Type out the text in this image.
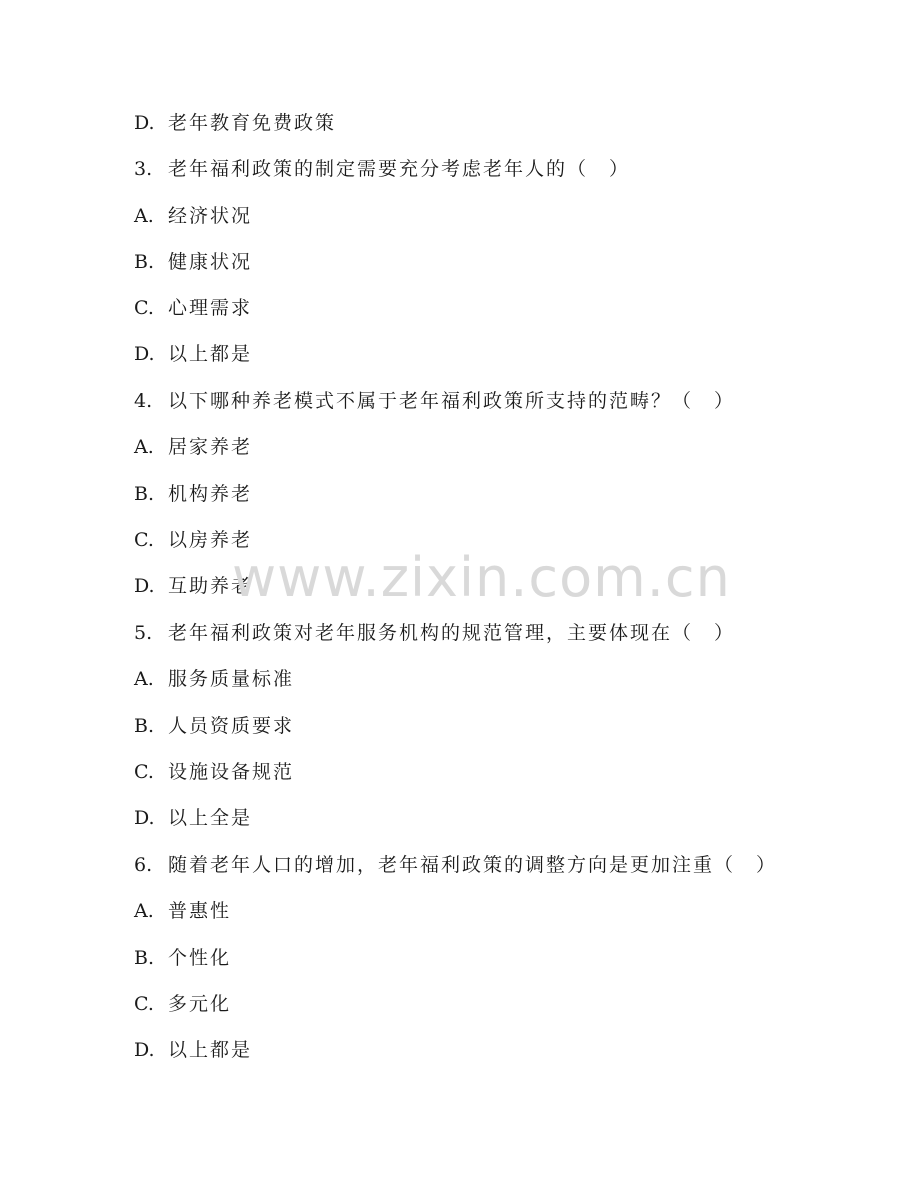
D. 老年教育免费政策
3. 老年福利政策的制定需要充分考虑老年人的（　）
A. 经济状况
B. 健康状况
C. 心理需求
D. 以上都是
4. 以下哪种养老模式不属于老年福利政策所支持的范畴？（　）
A. 居家养老
B. 机构养老
C. 以房养老
D. 互助养老
5. 老年福利政策对老年服务机构的规范管理，主要体现在（　）
A. 服务质量标准
B. 人员资质要求
C. 设施设备规范
D. 以上全是
6. 随着老年人口的增加，老年福利政策的调整方向是更加注重（　）
A. 普惠性
B. 个性化
C. 多元化
D. 以上都是
www.zixin.com.cn
